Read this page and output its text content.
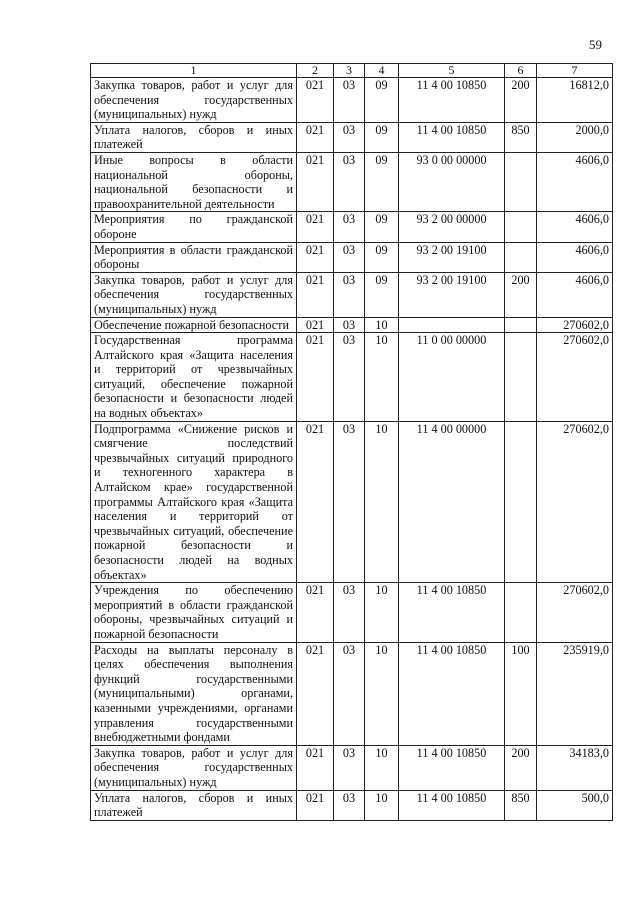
59
1	2	3	4	5	6	7
Закупка товаров, работ и услуг для обеспечения государственных (муниципальных) нужд	021	03	09	11 4 00 10850	200	16812,0
Уплата налогов, сборов и иных платежей	021	03	09	11 4 00 10850	850	2000,0
Иные вопросы в области национальной обороны, национальной безопасности и правоохранительной деятельности	021	03	09	93 0 00 00000		4606,0
Мероприятия по гражданской обороне	021	03	09	93 2 00 00000		4606,0
Мероприятия в области гражданской обороны	021	03	09	93 2 00 19100		4606,0
Закупка товаров, работ и услуг для обеспечения государственных (муниципальных) нужд	021	03	09	93 2 00 19100	200	4606,0
Обеспечение пожарной безопасности	021	03	10			270602,0
Государственная программа Алтайского края «Защита населения и территорий от чрезвычайных ситуаций, обеспечение пожарной безопасности и безопасности людей на водных объектах»	021	03	10	11 0 00 00000		270602,0
Подпрограмма «Снижение рисков и смягчение последствий чрезвычайных ситуаций природного и техногенного характера в Алтайском крае» государственной программы Алтайского края «Защита населения и территорий от чрезвычайных ситуаций, обеспечение пожарной безопасности и безопасности людей на водных объектах»	021	03	10	11 4 00 00000		270602,0
Учреждения по обеспечению мероприятий в области гражданской обороны, чрезвычайных ситуаций и пожарной безопасности	021	03	10	11 4 00 10850		270602,0
Расходы на выплаты персоналу в целях обеспечения выполнения функций государственными (муниципальными) органами, казенными учреждениями, органами управления государственными внебюджетными фондами	021	03	10	11 4 00 10850	100	235919,0
Закупка товаров, работ и услуг для обеспечения государственных (муниципальных) нужд	021	03	10	11 4 00 10850	200	34183,0
Уплата налогов, сборов и иных платежей	021	03	10	11 4 00 10850	850	500,0
